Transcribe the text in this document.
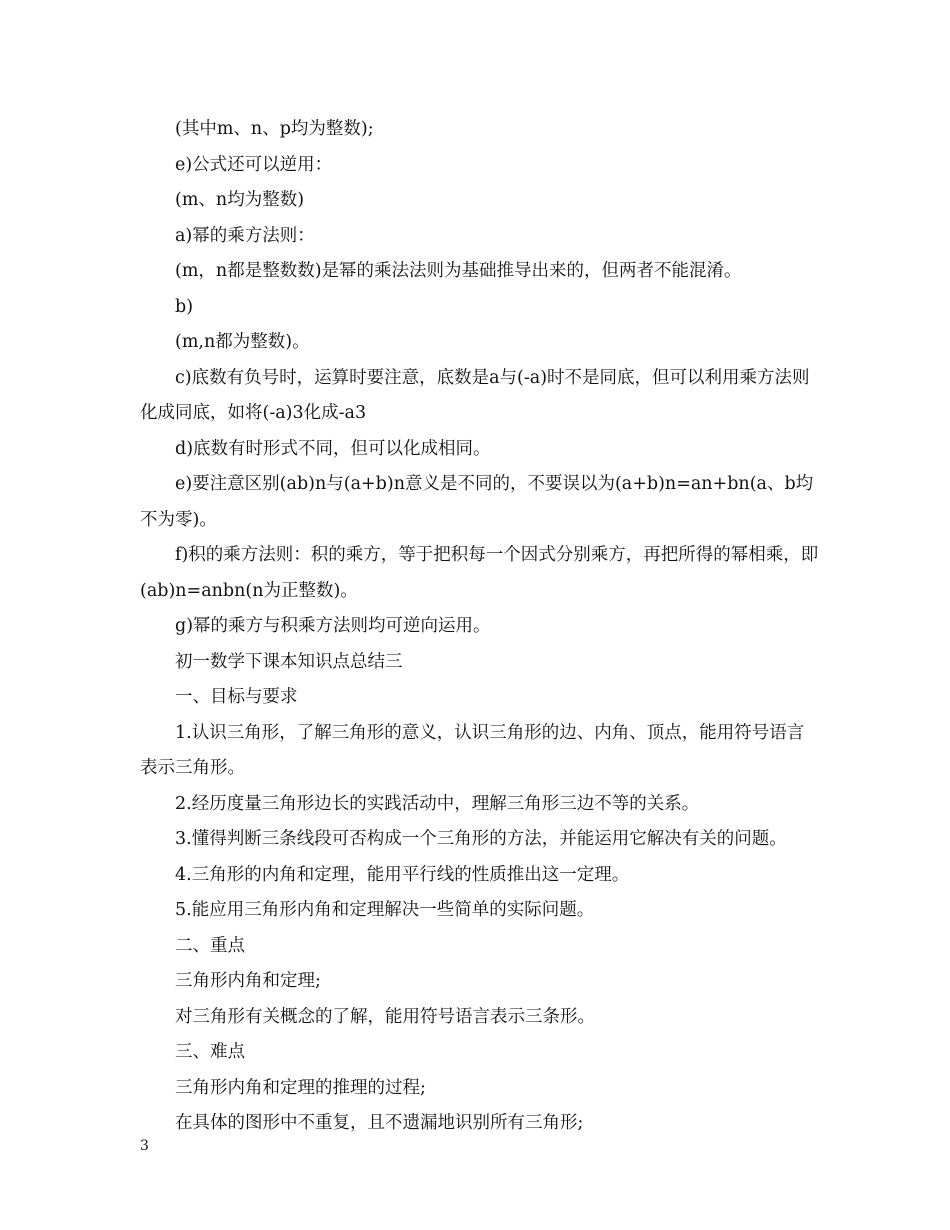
(其中m、n、p均为整数);

e)公式还可以逆用：

(m、n均为整数)

a)幂的乘方法则：

(m，n都是整数数)是幂的乘法法则为基础推导出来的，但两者不能混淆。

b)

(m,n都为整数)。

c)底数有负号时，运算时要注意，底数是a与(-a)时不是同底，但可以利用乘方法则化成同底，如将(-a)3化成-a3

d)底数有时形式不同，但可以化成相同。

e)要注意区别(ab)n与(a+b)n意义是不同的，不要误以为(a+b)n=an+bn(a、b均不为零)。

f)积的乘方法则：积的乘方，等于把积每一个因式分别乘方，再把所得的幂相乘，即(ab)n=anbn(n为正整数)。

g)幂的乘方与积乘方法则均可逆向运用。

初一数学下课本知识点总结三

一、目标与要求

1.认识三角形，了解三角形的意义，认识三角形的边、内角、顶点，能用符号语言表示三角形。

2.经历度量三角形边长的实践活动中，理解三角形三边不等的关系。

3.懂得判断三条线段可否构成一个三角形的方法，并能运用它解决有关的问题。

4.三角形的内角和定理，能用平行线的性质推出这一定理。

5.能应用三角形内角和定理解决一些简单的实际问题。

二、重点

三角形内角和定理;

对三角形有关概念的了解，能用符号语言表示三条形。

三、难点

三角形内角和定理的推理的过程;

在具体的图形中不重复，且不遗漏地识别所有三角形;

3
